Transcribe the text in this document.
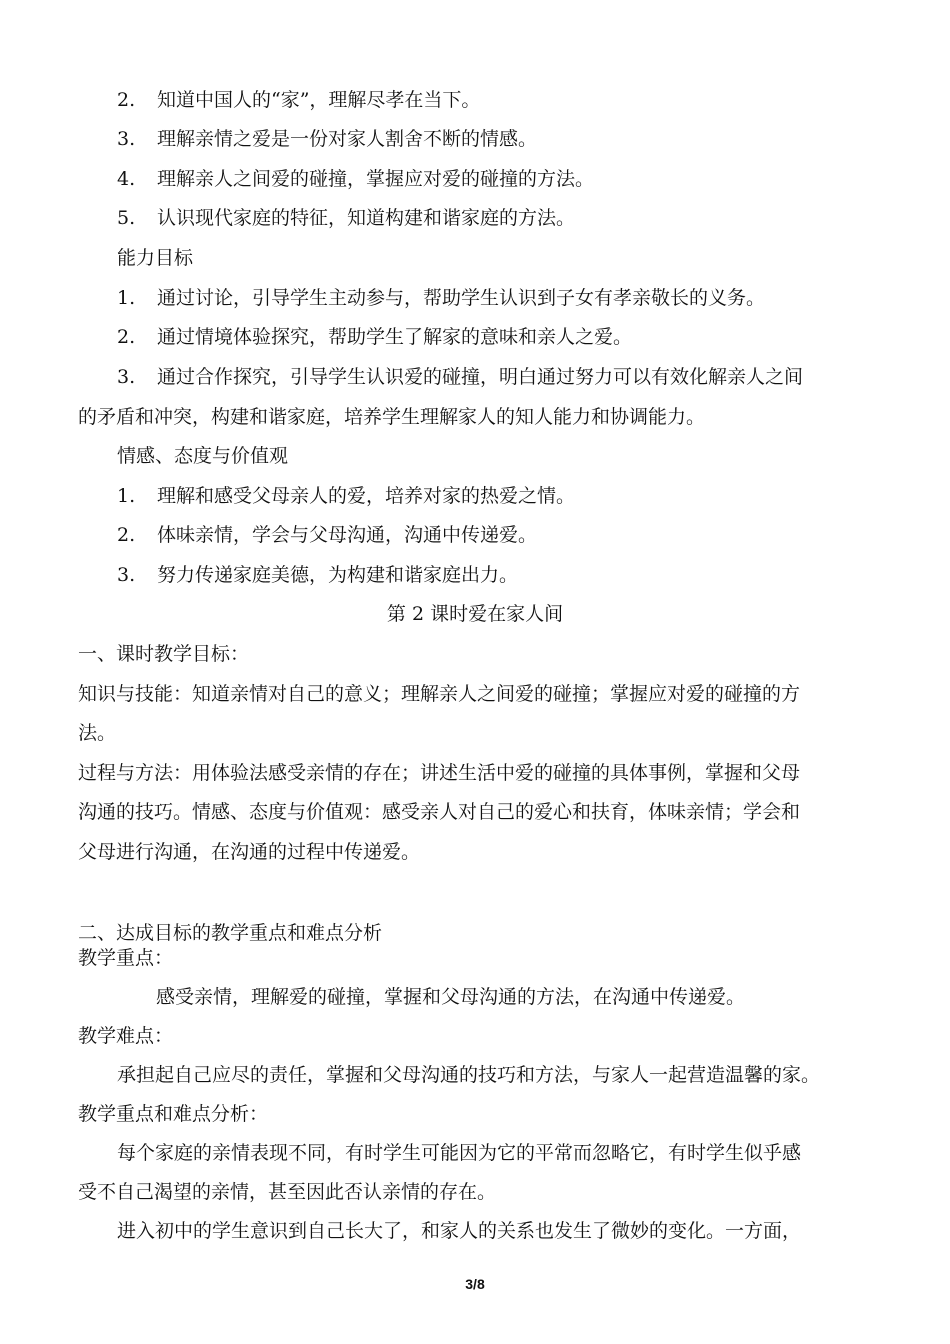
2. 知道中国人的“家”，理解尽孝在当下。
3. 理解亲情之爱是一份对家人割舍不断的情感。
4. 理解亲人之间爱的碰撞，掌握应对爱的碰撞的方法。
5. 认识现代家庭的特征，知道构建和谐家庭的方法。
能力目标
1. 通过讨论，引导学生主动参与，帮助学生认识到子女有孝亲敬长的义务。
2. 通过情境体验探究，帮助学生了解家的意味和亲人之爱。
3. 通过合作探究，引导学生认识爱的碰撞，明白通过努力可以有效化解亲人之间
的矛盾和冲突，构建和谐家庭，培养学生理解家人的知人能力和协调能力。
情感、态度与价值观
1. 理解和感受父母亲人的爱，培养对家的热爱之情。
2. 体味亲情，学会与父母沟通，沟通中传递爱。
3. 努力传递家庭美德，为构建和谐家庭出力。
第 2 课时爱在家人间
一、课时教学目标：
知识与技能：知道亲情对自己的意义；理解亲人之间爱的碰撞；掌握应对爱的碰撞的方
法。
过程与方法：用体验法感受亲情的存在；讲述生活中爱的碰撞的具体事例，掌握和父母
沟通的技巧。情感、态度与价值观：感受亲人对自己的爱心和扶育，体味亲情；学会和
父母进行沟通，在沟通的过程中传递爱。
二、达成目标的教学重点和难点分析
教学重点：
感受亲情，理解爱的碰撞，掌握和父母沟通的方法，在沟通中传递爱。
教学难点：
承担起自己应尽的责任，掌握和父母沟通的技巧和方法，与家人一起营造温馨的家。
教学重点和难点分析：
每个家庭的亲情表现不同，有时学生可能因为它的平常而忽略它，有时学生似乎感
受不自己渴望的亲情，甚至因此否认亲情的存在。
进入初中的学生意识到自己长大了，和家人的关系也发生了微妙的变化。一方面，
3/8
